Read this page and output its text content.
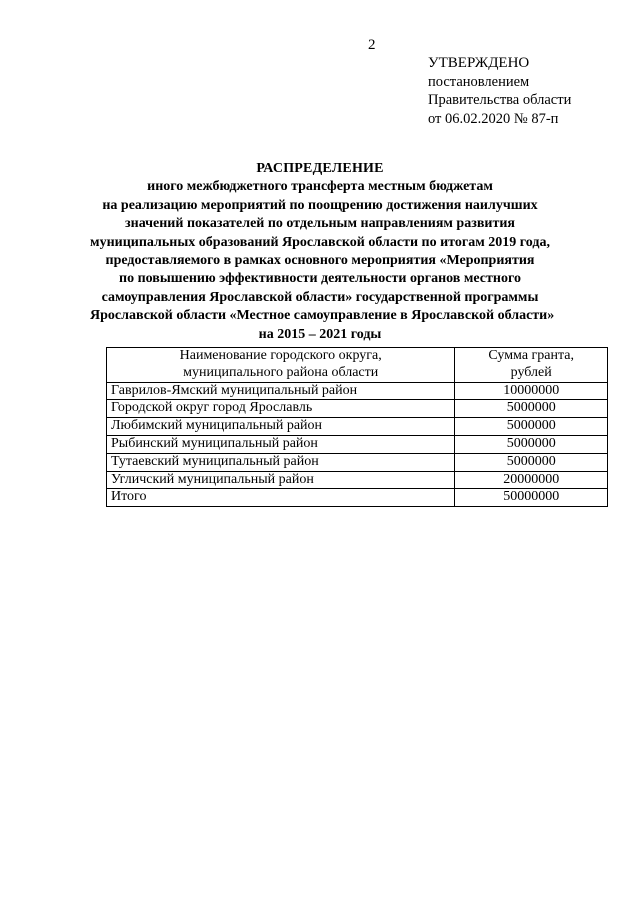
2
УТВЕРЖДЕНО
постановлением
Правительства области
от 06.02.2020 № 87-п
РАСПРЕДЕЛЕНИЕ
иного межбюджетного трансферта местным бюджетам
на реализацию мероприятий по поощрению достижения наилучших
значений показателей по отдельным направлениям развития
муниципальных образований Ярославской области по итогам 2019 года,
предоставляемого в рамках основного мероприятия «Мероприятия
по повышению эффективности деятельности органов местного
самоуправления Ярославской области» государственной программы
Ярославской области «Местное самоуправление в Ярославской области»
на 2015 – 2021 годы
Наименование городского округа,
муниципального района области	Сумма гранта,
рублей

Гаврилов-Ямский муниципальный район	10000000
Городской округ город Ярославль	5000000
Любимский муниципальный район	5000000
Рыбинский муниципальный район	5000000
Тутаевский муниципальный район	5000000
Угличский муниципальный район	20000000
Итого	50000000
